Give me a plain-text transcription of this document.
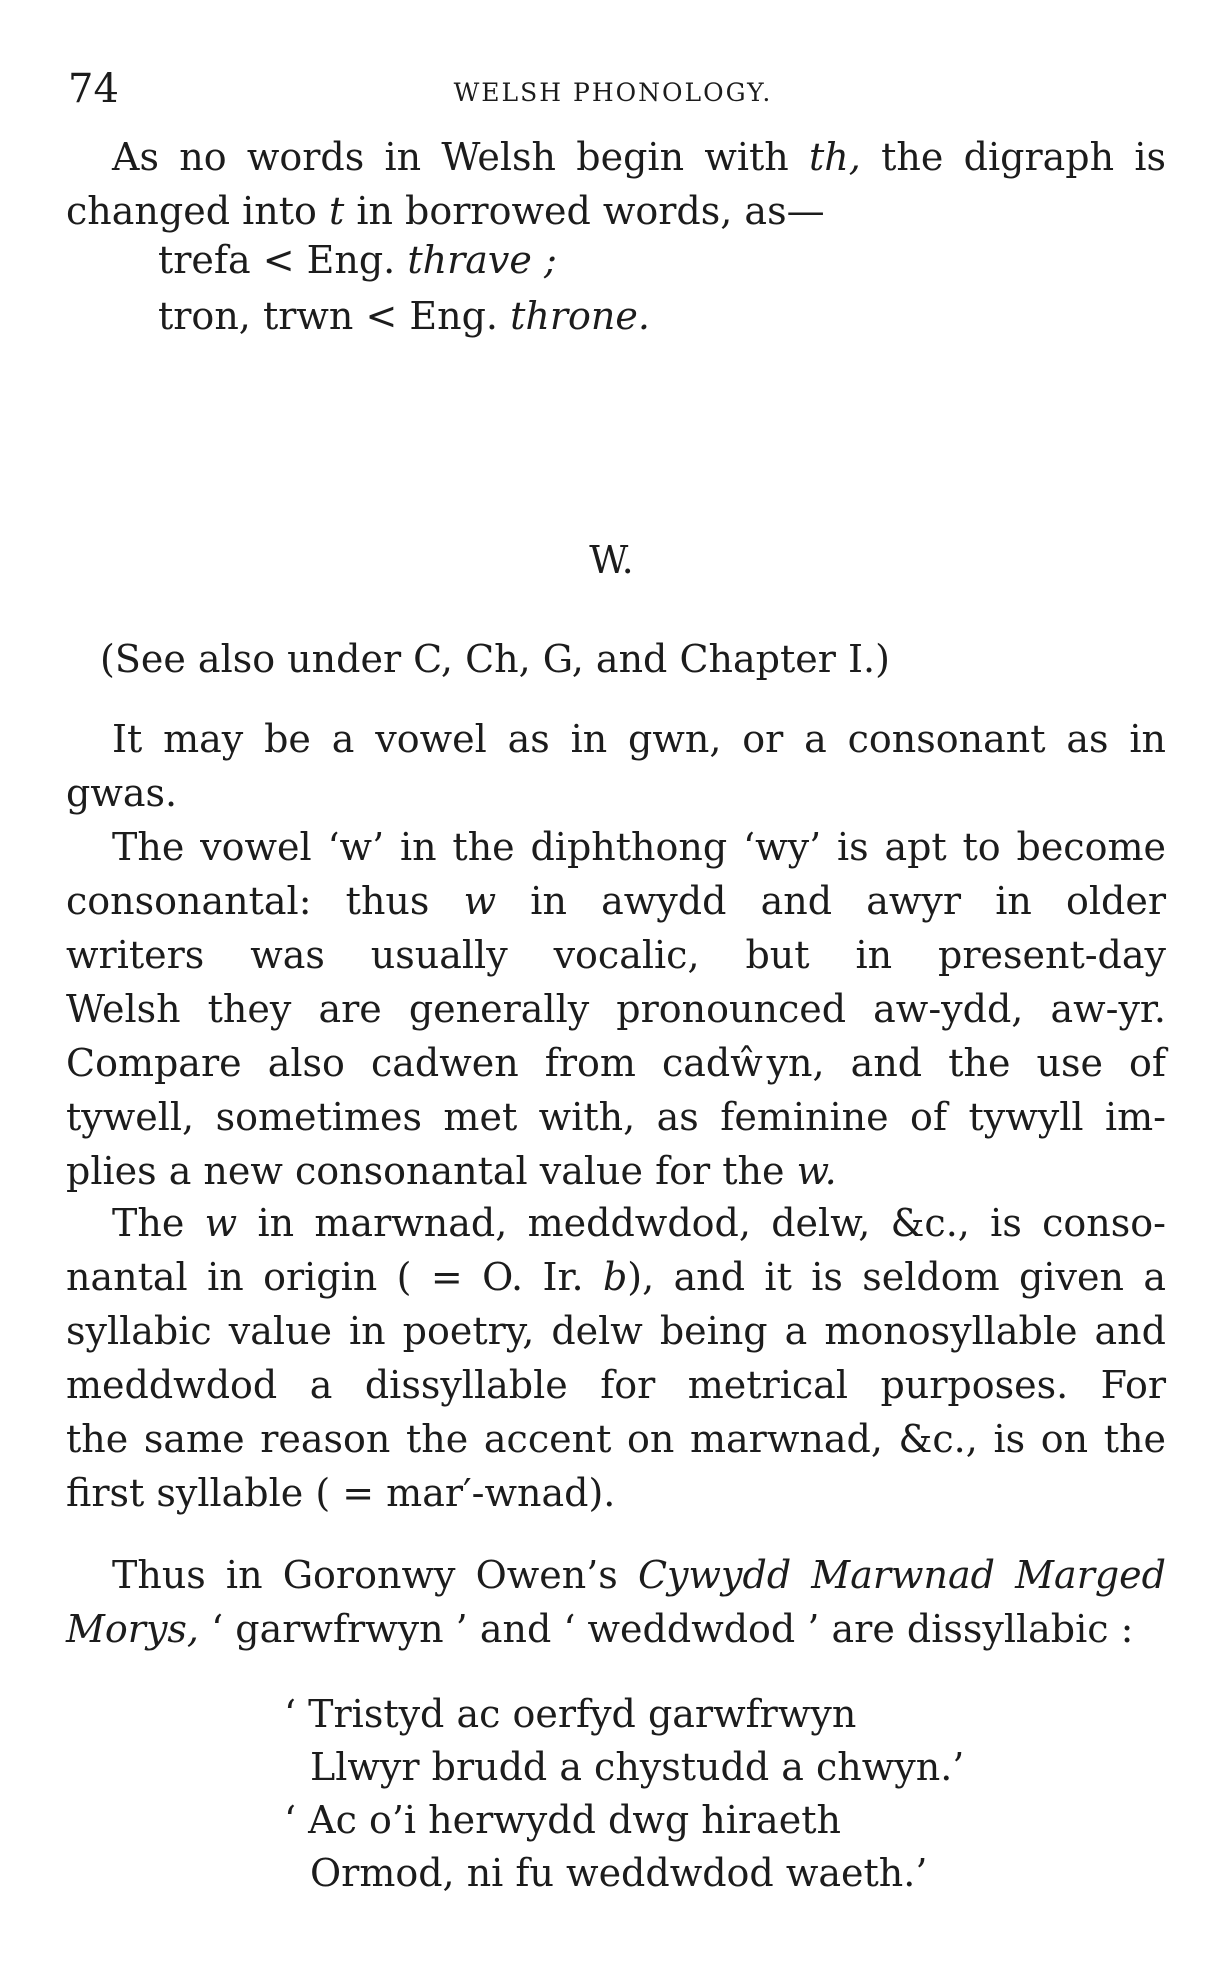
74	WELSH PHONOLOGY.

As no words in Welsh begin with th, the digraph is
changed into t in borrowed words, as—

trefa < Eng. thrave ;
tron, trwn < Eng. throne.
W.

(See also under C, Ch, G, and Chapter I.)

It may be a vowel as in gwn, or a consonant as in
gwas.

The vowel ‘w’ in the diphthong ‘wy’ is apt to become
consonantal: thus w in awydd and awyr in older
writers was usually vocalic, but in present-day
Welsh they are generally pronounced aw-ydd, aw-yr.
Compare also cadwen from cadŵyn, and the use of
tywell, sometimes met with, as feminine of tywyll im-
plies a new consonantal value for the w.

The w in marwnad, meddwdod, delw, &c., is conso-
nantal in origin ( = O. Ir. b), and it is seldom given a
syllabic value in poetry, delw being a monosyllable and
meddwdod a dissyllable for metrical purposes. For
the same reason the accent on marwnad, &c., is on the
first syllable ( = mar′-wnad).

Thus in Goronwy Owen’s Cywydd Marwnad Marged
Morys, ‘ garwfrwyn ’ and ‘ weddwdod ’ are dissyllabic :

‘ Tristyd ac oerfyd garwfrwyn
Llwyr brudd a chystudd a chwyn.’
‘ Ac o’i herwydd dwg hiraeth
Ormod, ni fu weddwdod waeth.’
